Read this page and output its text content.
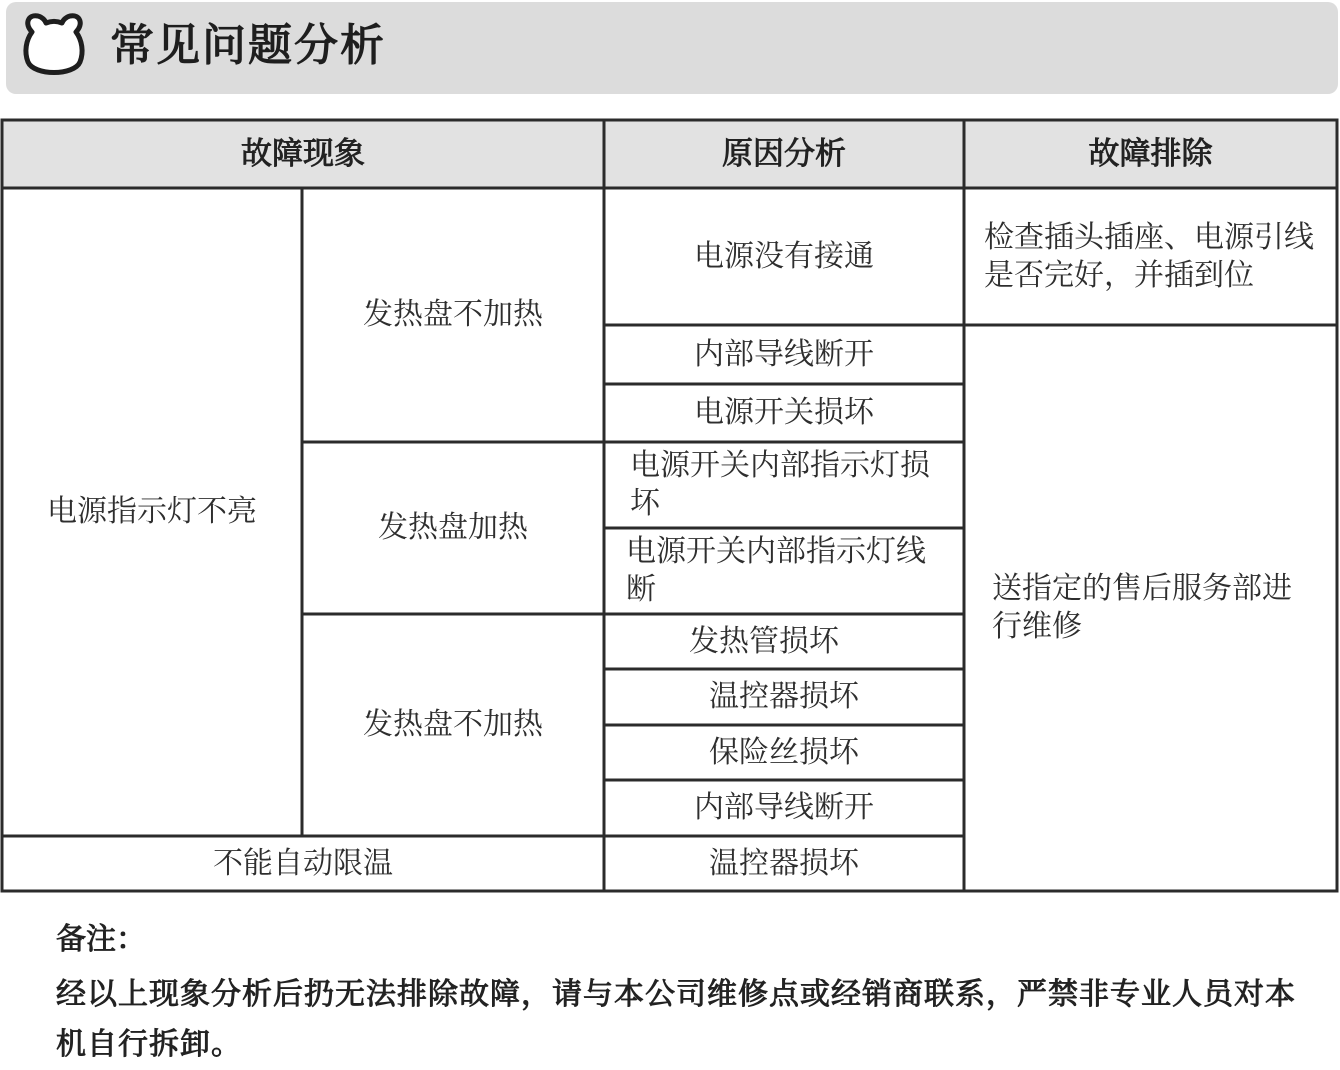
常见问题分析
故障现象	原因分析	故障排除
电源指示灯不亮
发热盘不加热
发热盘加热
发热盘不加热
不能自动限温
电源没有接通
内部导线断开
电源开关损坏
电源开关内部指示灯损坏
电源开关内部指示灯线断
发热管损坏
温控器损坏
保险丝损坏
内部导线断开
温控器损坏
检查插头插座、电源引线是否完好，并插到位
送指定的售后服务部进行维修
备注：
经以上现象分析后扔无法排除故障，请与本公司维修点或经销商联系，严禁非专业人员对本机自行拆卸。
